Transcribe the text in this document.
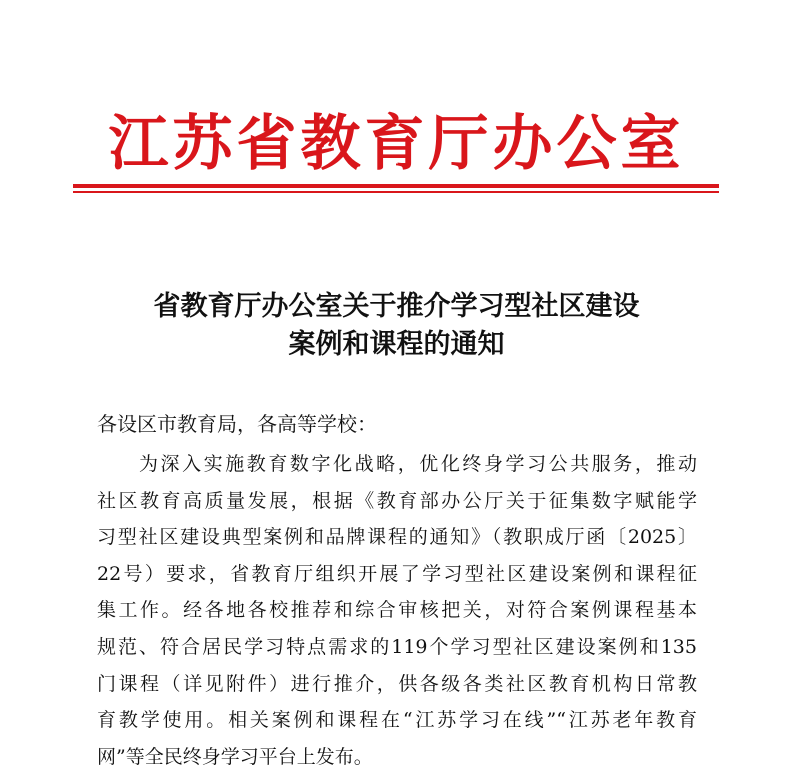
江苏省教育厅办公室
省教育厅办公室关于推介学习型社区建设
案例和课程的通知
各设区市教育局，各高等学校：
为深入实施教育数字化战略，优化终身学习公共服务，推动
社区教育高质量发展，根据《教育部办公厅关于征集数字赋能学
习型社区建设典型案例和品牌课程的通知》（教职成厅函〔2025〕
22号）要求，省教育厅组织开展了学习型社区建设案例和课程征
集工作。经各地各校推荐和综合审核把关，对符合案例课程基本
规范、符合居民学习特点需求的119个学习型社区建设案例和135
门课程（详见附件）进行推介，供各级各类社区教育机构日常教
育教学使用。相关案例和课程在“江苏学习在线”“江苏老年教育
网”等全民终身学习平台上发布。
